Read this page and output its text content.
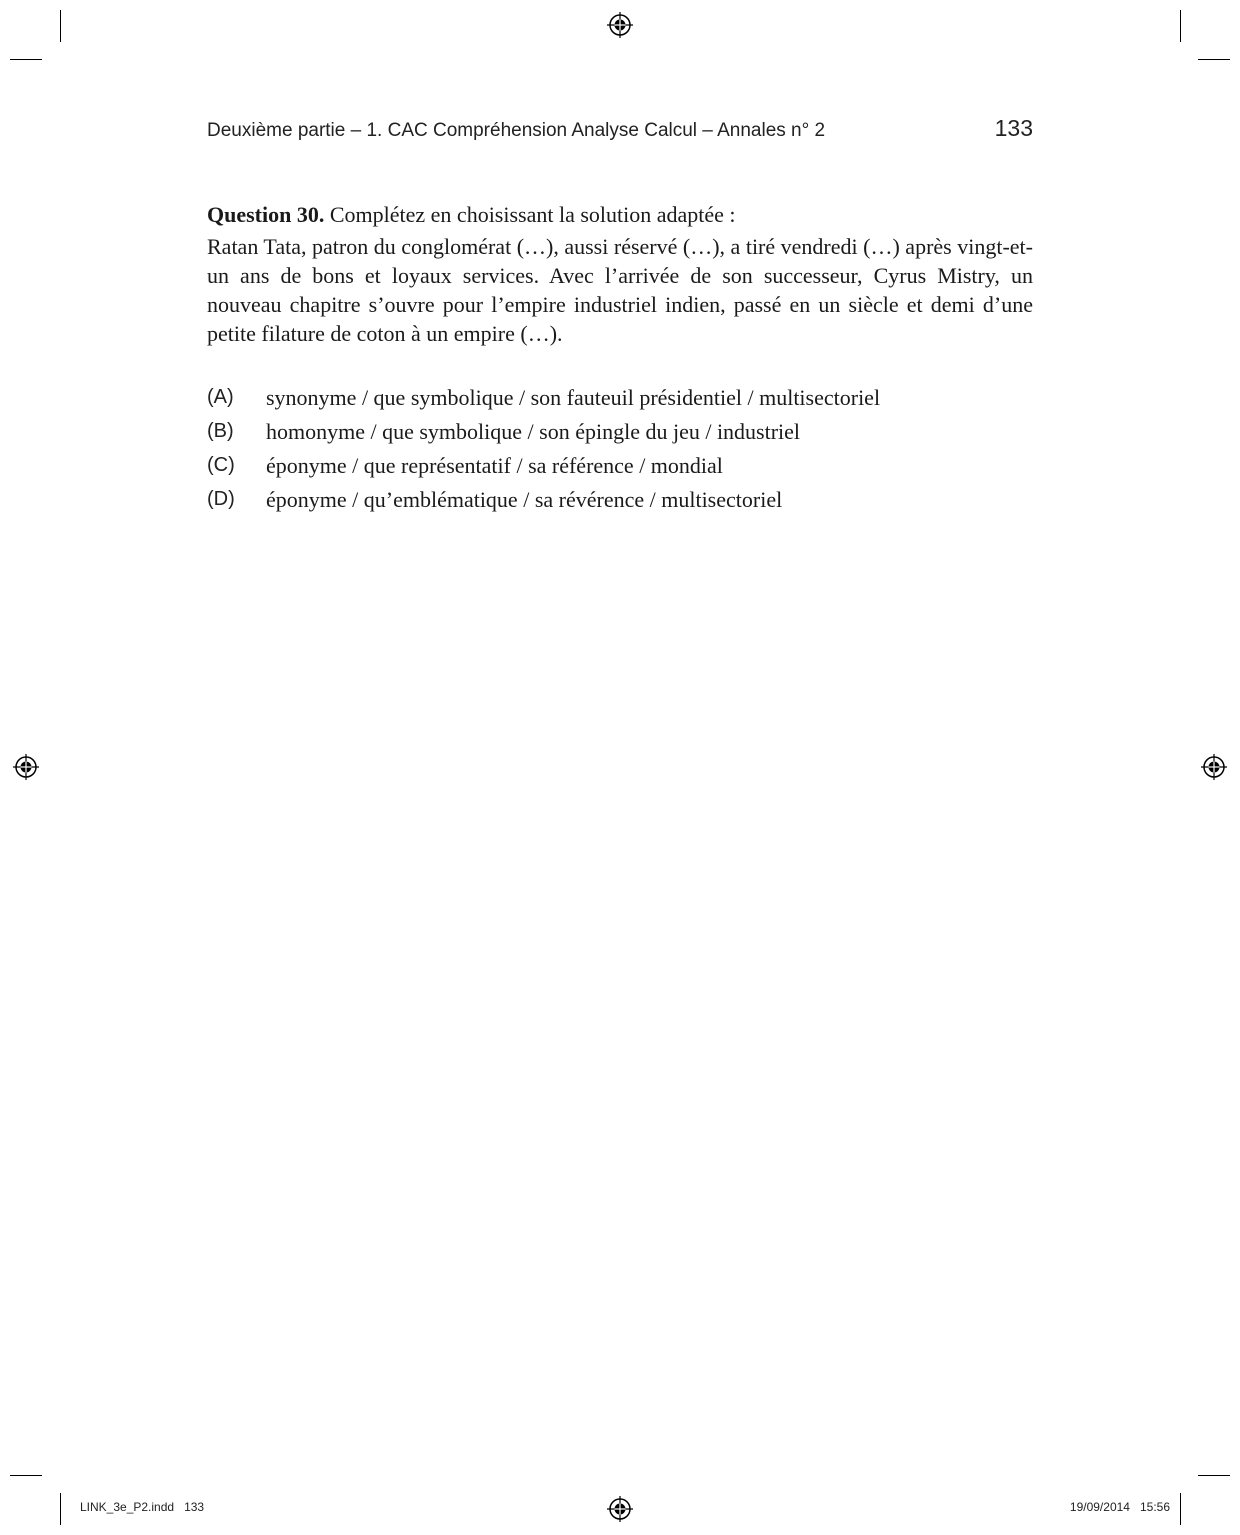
Deuxième partie – 1. CAC Compréhension Analyse Calcul – Annales n° 2	133

Question 30. Complétez en choisissant la solution adaptée :

Ratan Tata, patron du conglomérat (…), aussi réservé (…), a tiré vendredi (…) après vingt-et-un ans de bons et loyaux services. Avec l’arrivée de son successeur, Cyrus Mistry, un nouveau chapitre s’ouvre pour l’empire industriel indien, passé en un siècle et demi d’une petite filature de coton à un empire (…).

(A) synonyme / que symbolique / son fauteuil présidentiel / multisectoriel
(B) homonyme / que symbolique / son épingle du jeu / industriel
(C) éponyme / que représentatif / sa référence / mondial
(D) éponyme / qu’emblématique / sa révérence / multisectoriel
LINK_3e_P2.indd   133	19/09/2014   15:56
